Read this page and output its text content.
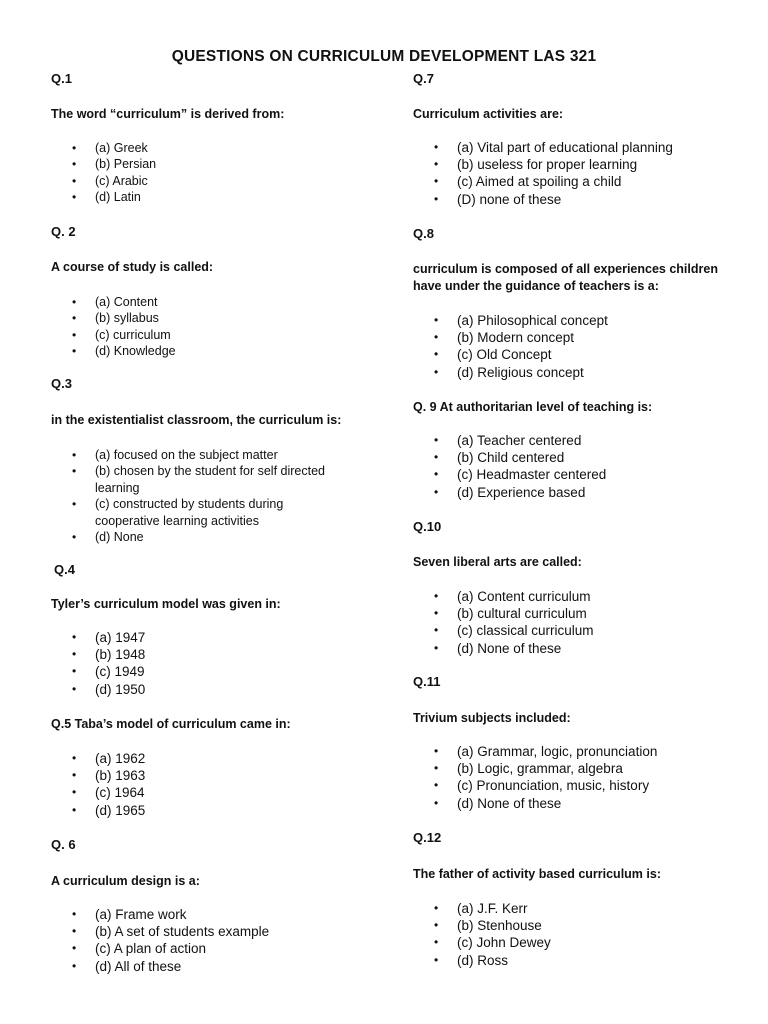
QUESTIONS ON CURRICULUM DEVELOPMENT LAS 321
Q.1
The word “curriculum” is derived from:
• (a) Greek
• (b) Persian
• (c) Arabic
• (d) Latin
Q. 2
A course of study is called:
• (a) Content
• (b) syllabus
• (c) curriculum
• (d) Knowledge
Q.3
in the existentialist classroom, the curriculum is:
• (a) focused on the subject matter
• (b) chosen by the student for self directed learning
• (c) constructed by students during cooperative learning activities
• (d) None
Q.4
Tyler’s curriculum model was given in:
• (a) 1947
• (b) 1948
• (c) 1949
• (d) 1950
Q.5 Taba’s model of curriculum came in:
• (a) 1962
• (b) 1963
• (c) 1964
• (d) 1965
Q. 6
A curriculum design is a:
• (a) Frame work
• (b) A set of students example
• (c) A plan of action
• (d) All of these
Q.7
Curriculum activities are:
• (a) Vital part of educational planning
• (b) useless for proper learning
• (c) Aimed at spoiling a child
• (D) none of these
Q.8
curriculum is composed of all experiences children have under the guidance of teachers is a:
• (a) Philosophical concept
• (b) Modern concept
• (c) Old Concept
• (d) Religious concept
Q. 9 At authoritarian level of teaching is:
• (a) Teacher centered
• (b) Child centered
• (c) Headmaster centered
• (d) Experience based
Q.10
Seven liberal arts are called:
• (a) Content curriculum
• (b) cultural curriculum
• (c) classical curriculum
• (d) None of these
Q.11
Trivium subjects included:
• (a) Grammar, logic, pronunciation
• (b) Logic, grammar, algebra
• (c) Pronunciation, music, history
• (d) None of these
Q.12
The father of activity based curriculum is:
• (a) J.F. Kerr
• (b) Stenhouse
• (c) John Dewey
• (d) Ross
